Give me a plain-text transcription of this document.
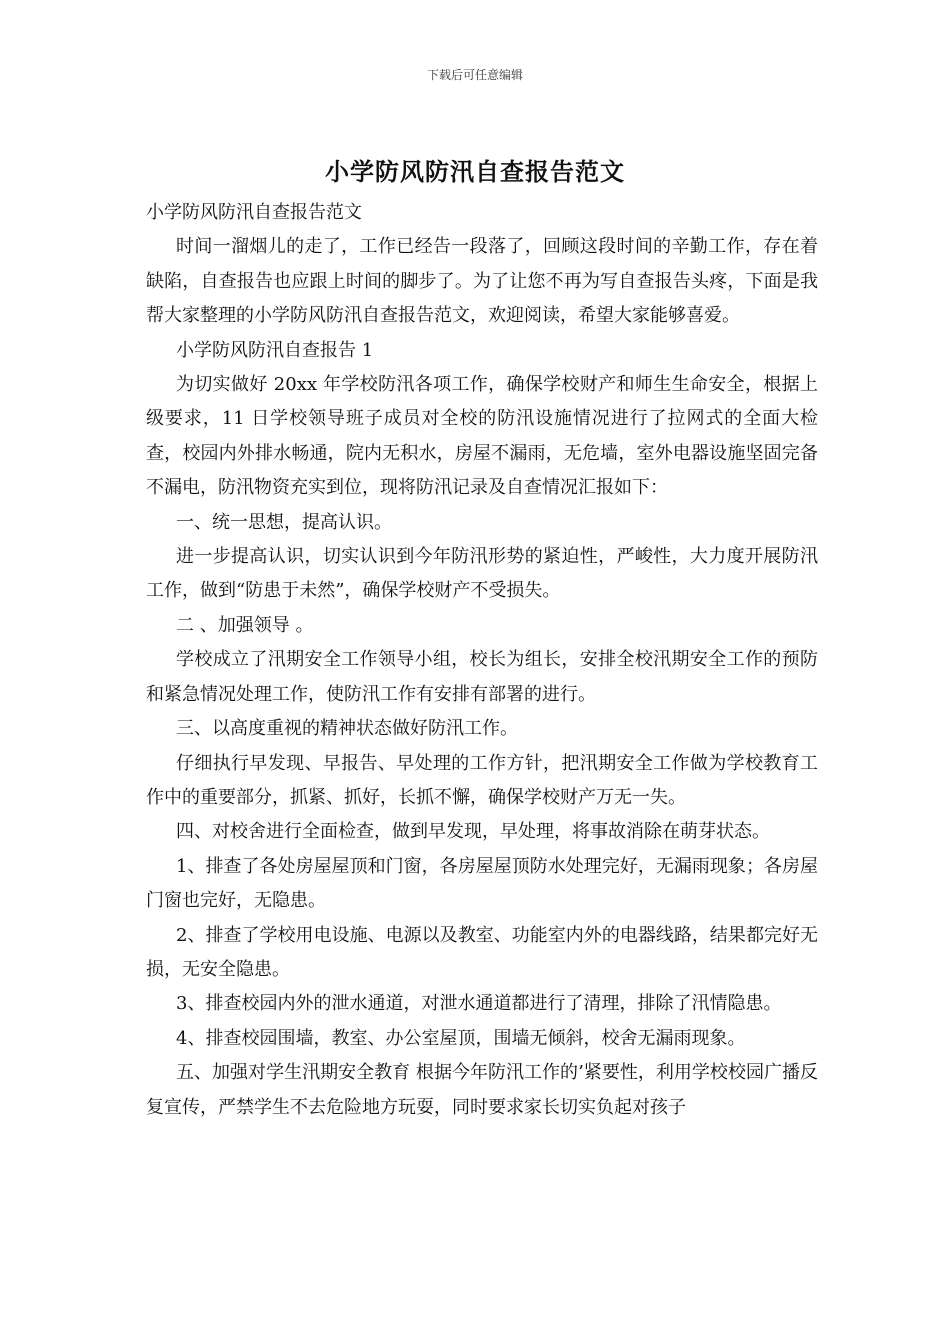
下载后可任意编辑
小学防风防汛自查报告范文

小学防风防汛自查报告范文

时间一溜烟儿的走了，工作已经告一段落了，回顾这段时间的辛勤工作，存在着缺陷，自查报告也应跟上时间的脚步了。为了让您不再为写自查报告头疼，下面是我帮大家整理的小学防风防汛自查报告范文，欢迎阅读，希望大家能够喜爱。

小学防风防汛自查报告 1

为切实做好 20xx 年学校防汛各项工作，确保学校财产和师生生命安全，根据上级要求，11 日学校领导班子成员对全校的防汛设施情况进行了拉网式的全面大检查，校园内外排水畅通，院内无积水，房屋不漏雨，无危墙，室外电器设施坚固完备不漏电，防汛物资充实到位，现将防汛记录及自查情况汇报如下：

一、统一思想，提高认识。

进一步提高认识，切实认识到今年防汛形势的紧迫性，严峻性，大力度开展防汛工作，做到“防患于未然”，确保学校财产不受损失。

二 、加强领导 。

学校成立了汛期安全工作领导小组，校长为组长，安排全校汛期安全工作的预防和紧急情况处理工作，使防汛工作有安排有部署的进行。

三、以高度重视的精神状态做好防汛工作。

仔细执行早发现、早报告、早处理的工作方针，把汛期安全工作做为学校教育工作中的重要部分，抓紧、抓好，长抓不懈，确保学校财产万无一失。

四、对校舍进行全面检查，做到早发现，早处理，将事故消除在萌芽状态。

1、排查了各处房屋屋顶和门窗，各房屋屋顶防水处理完好，无漏雨现象；各房屋门窗也完好，无隐患。

2、排查了学校用电设施、电源以及教室、功能室内外的电器线路，结果都完好无损，无安全隐患。

3、排查校园内外的泄水通道，对泄水通道都进行了清理，排除了汛情隐患。

4、排查校园围墙，教室、办公室屋顶，围墙无倾斜，校舍无漏雨现象。

五、加强对学生汛期安全教育 根据今年防汛工作的’紧要性，利用学校校园广播反复宣传，严禁学生不去危险地方玩耍，同时要求家长切实负起对孩子
